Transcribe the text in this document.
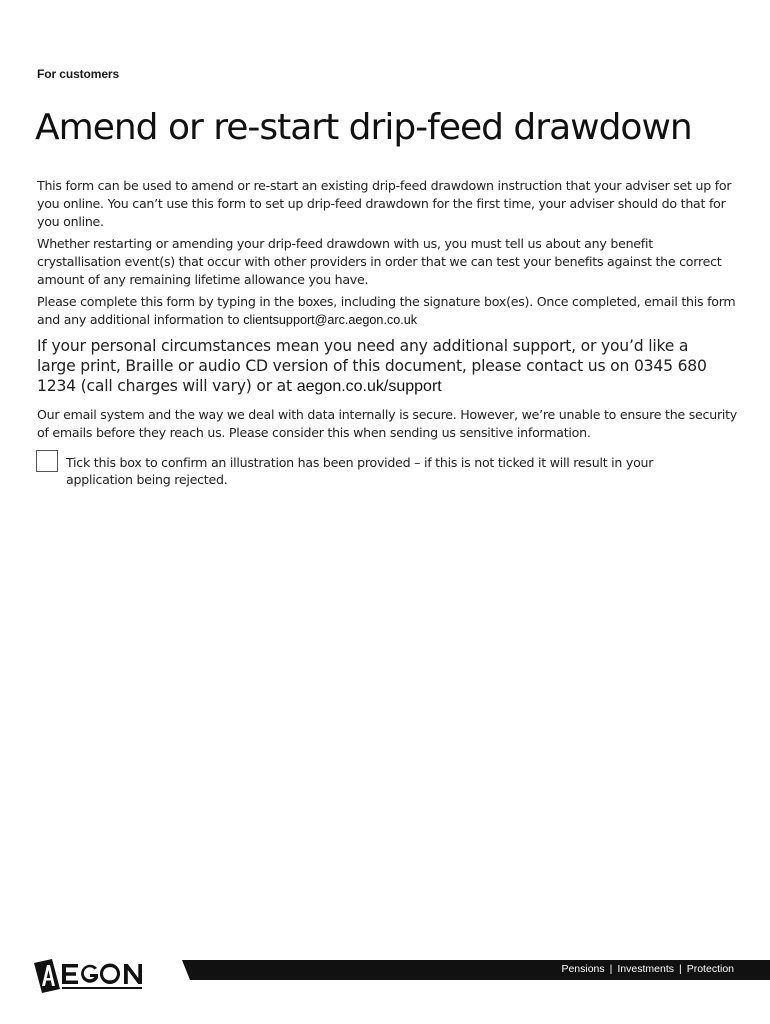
For customers
Amend or re-start drip-feed drawdown

This form can be used to amend or re-start an existing drip-feed drawdown instruction that your adviser set up for you online. You can’t use this form to set up drip-feed drawdown for the first time, your adviser should do that for you online.

Whether restarting or amending your drip-feed drawdown with us, you must tell us about any benefit crystallisation event(s) that occur with other providers in order that we can test your benefits against the correct amount of any remaining lifetime allowance you have.

Please complete this form by typing in the boxes, including the signature box(es). Once completed, email this form and any additional information to clientsupport@arc.aegon.co.uk

If your personal circumstances mean you need any additional support, or you’d like a large print, Braille or audio CD version of this document, please contact us on 0345 680 1234 (call charges will vary) or at aegon.co.uk/support

Our email system and the way we deal with data internally is secure. However, we’re unable to ensure the security of emails before they reach us. Please consider this when sending us sensitive information.

Tick this box to confirm an illustration has been provided – if this is not ticked it will result in your application being rejected.
Pensions | Investments | Protection
